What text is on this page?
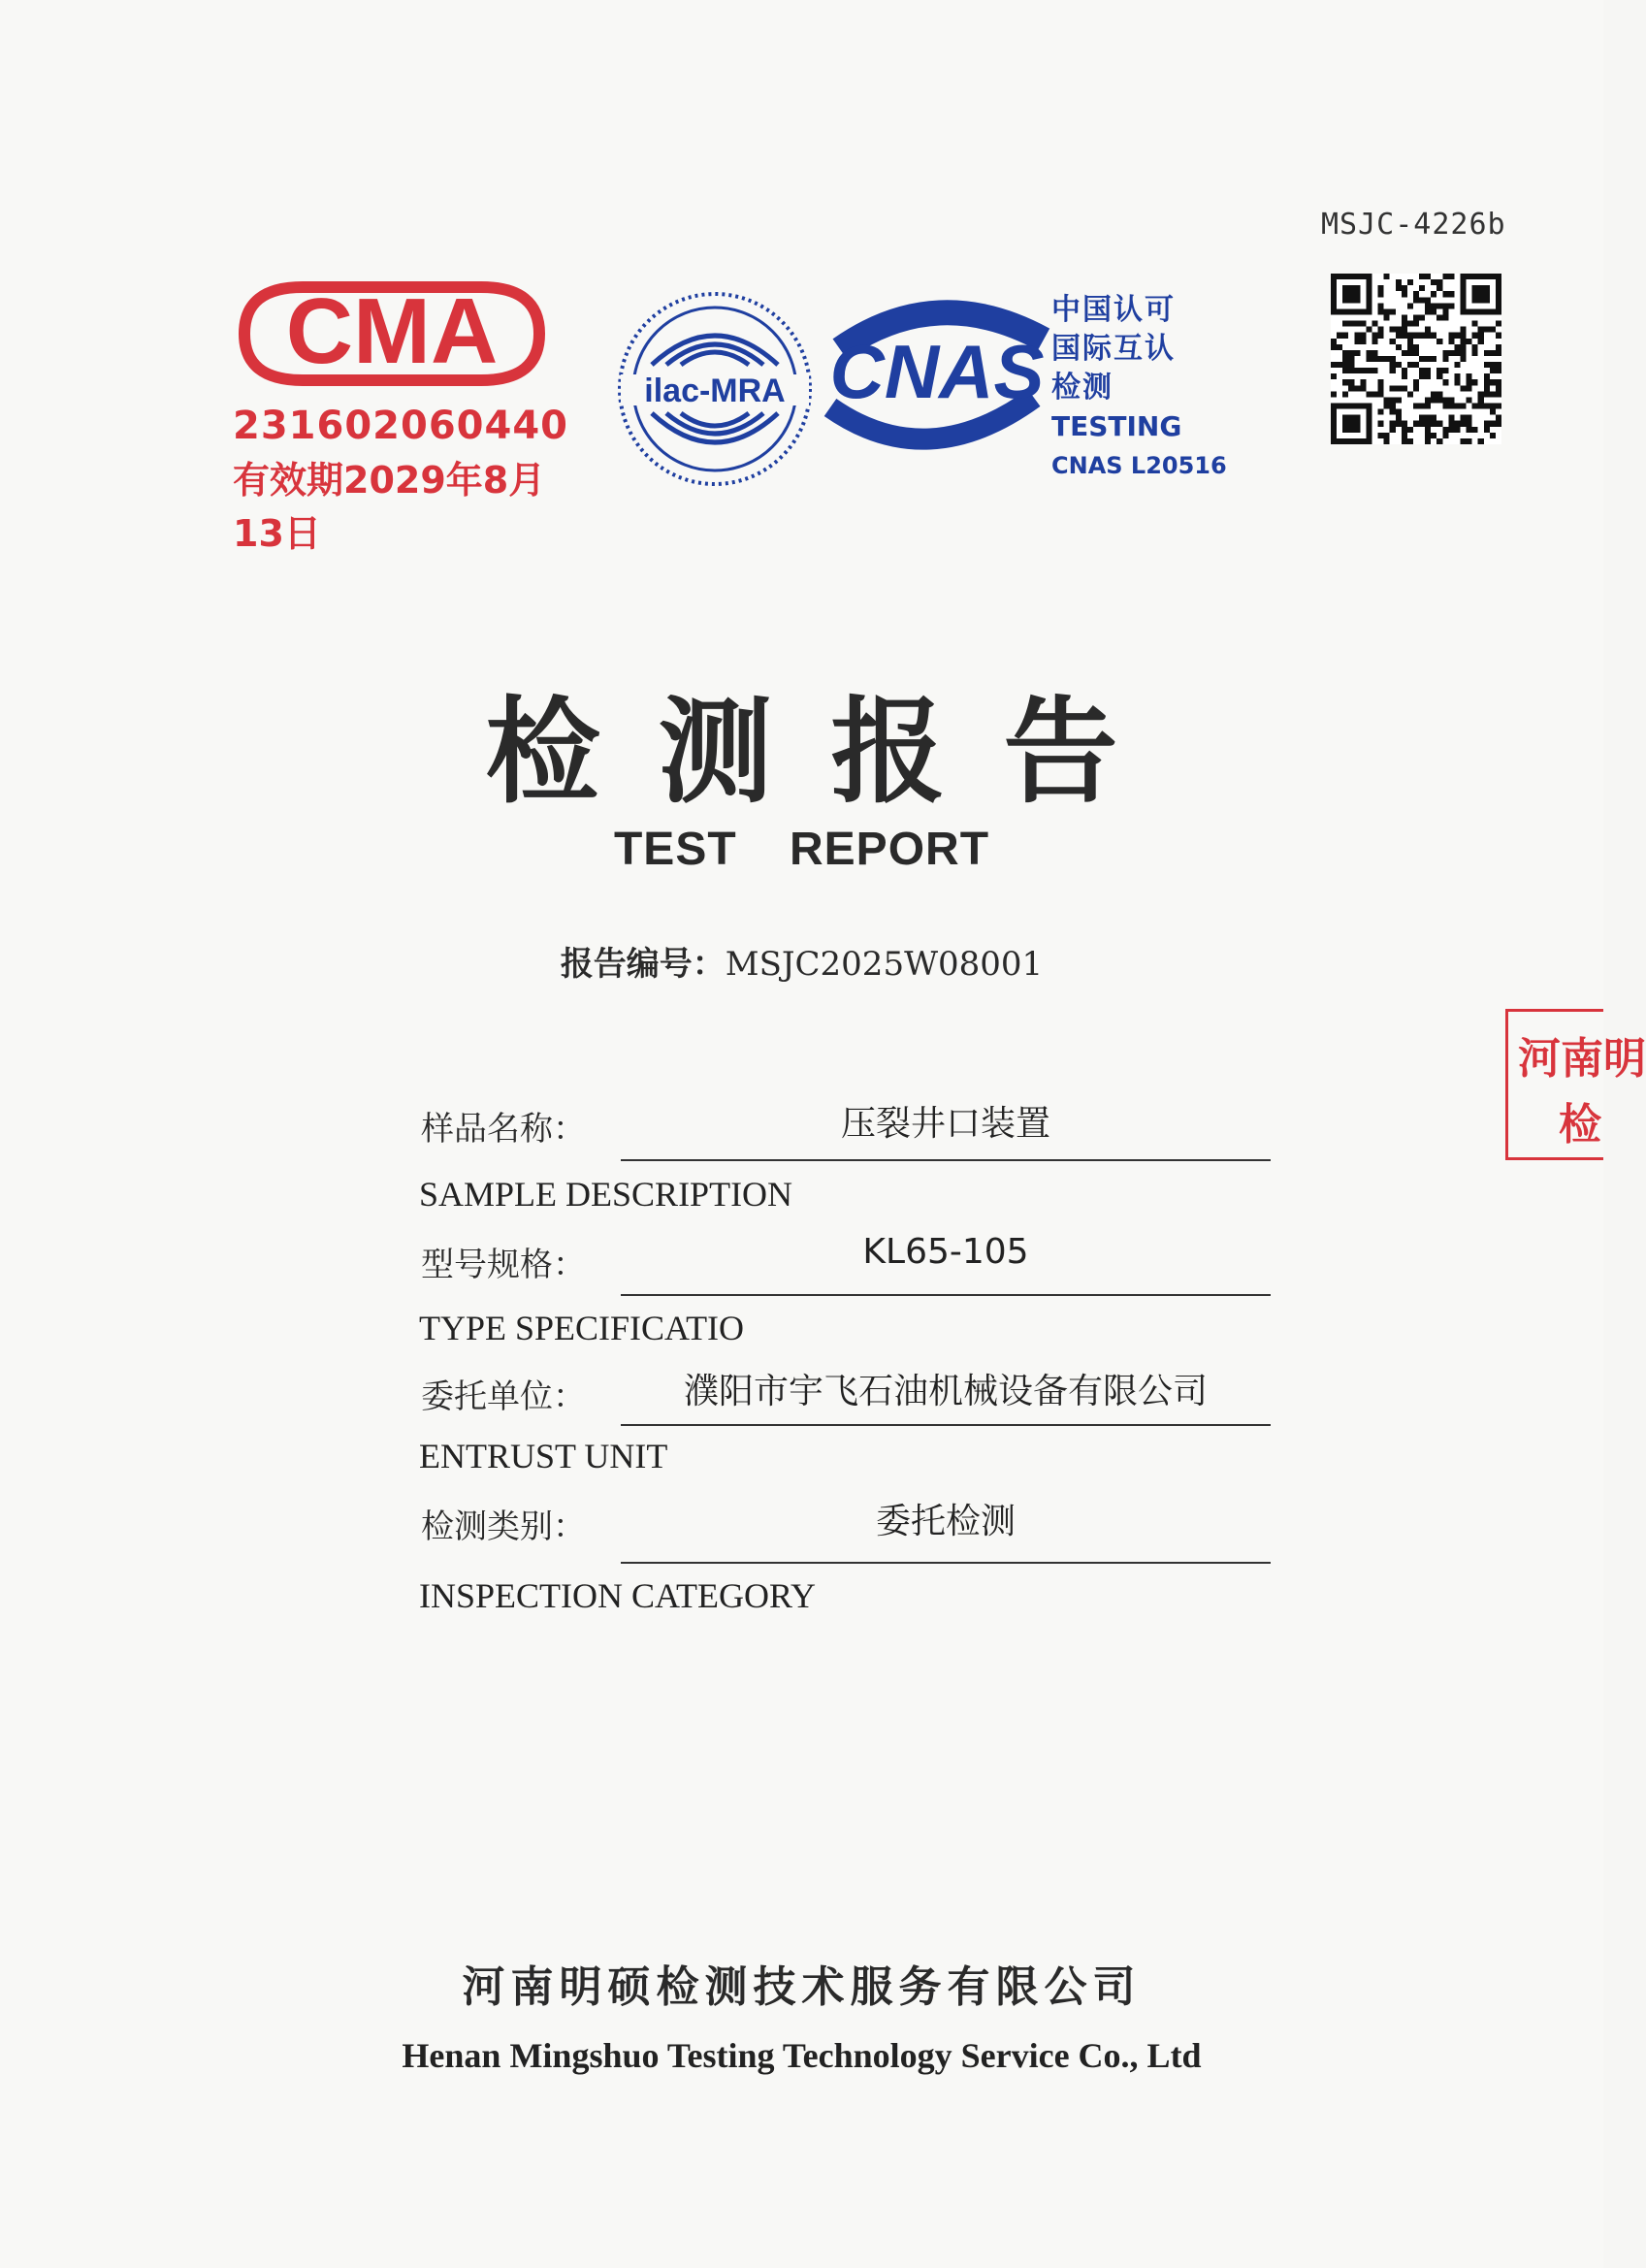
MSJC-4226b
CMA
231602060440
有效期2029年8月13日
ilac-MRA CNAS
中国认可
国际互认
检测
TESTING
CNAS L20516
检测报告
TEST REPORT
报告编号：MSJC2025W08001
样品名称：	压裂井口装置
SAMPLE DESCRIPTION
型号规格：	KL65-105
TYPE SPECIFICATIO
委托单位：	濮阳市宇飞石油机械设备有限公司
ENTRUST UNIT
检测类别：	委托检测
INSPECTION CATEGORY
河南明硕检测技术服务有限公司
Henan Mingshuo Testing Technology Service Co., Ltd
河南明
检
